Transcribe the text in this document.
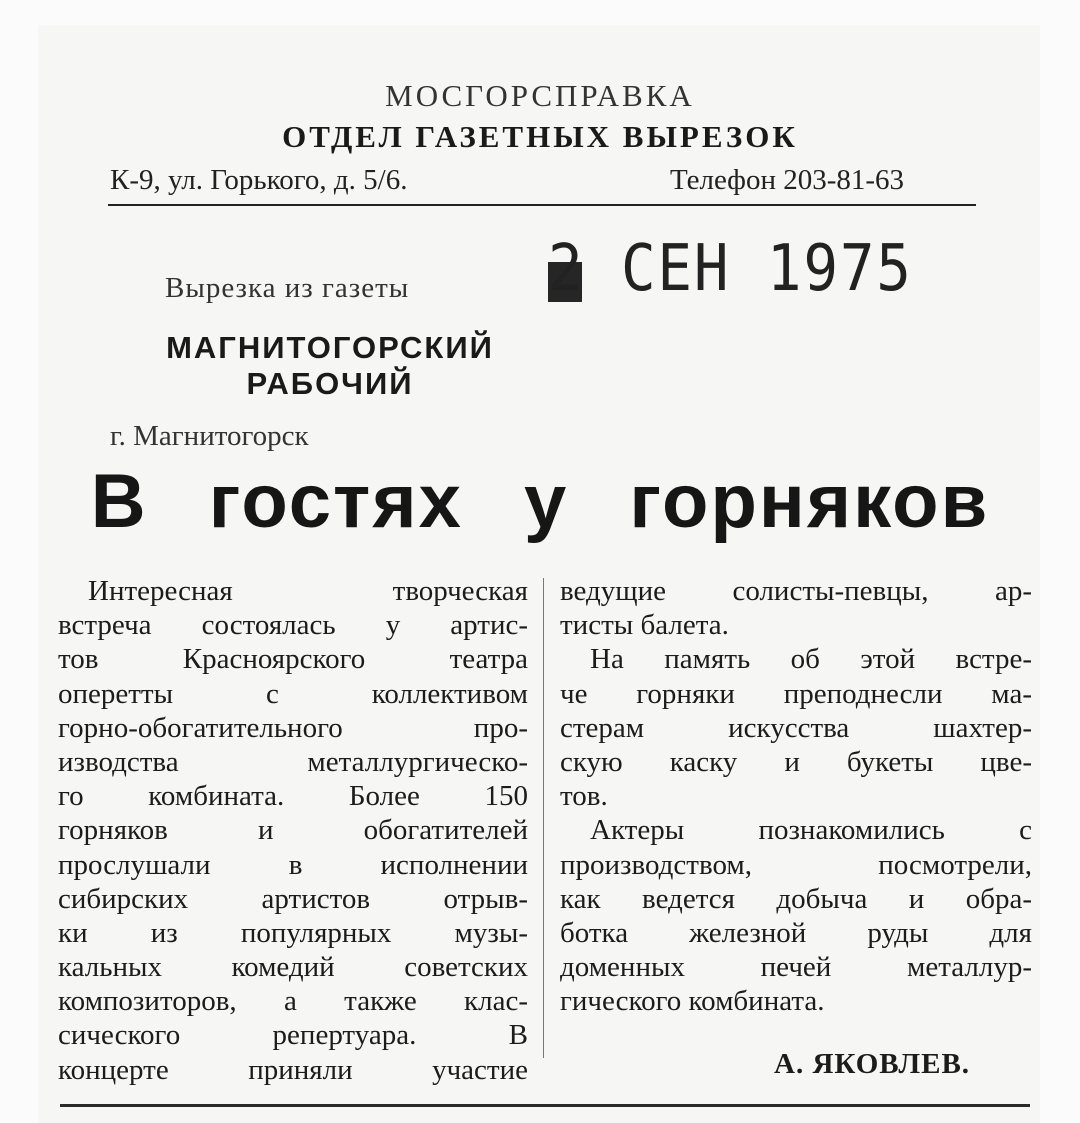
МОСГОРСПРАВКА
ОТДЕЛ ГАЗЕТНЫХ ВЫРЕЗОК
К-9, ул. Горького, д. 5/6.	Телефон 203-81-63
Вырезка из газеты 2 СЕН 1975
МАГНИТОГОРСКИЙ
РАБОЧИЙ
г. Магнитогорск
В гостях у горняков
Интересная творческая
встреча состоялась у артис-
тов Красноярского театра
оперетты с коллективом
горно-обогатительного про-
изводства металлургическо-
го комбината. Более 150
горняков и обогатителей
прослушали в исполнении
сибирских артистов отрыв-
ки из популярных музы-
кальных комедий советских
композиторов, а также клас-
сического репертуара. В
концерте приняли участие
ведущие солисты-певцы, ар-
тисты балета.
На память об этой встре-
че горняки преподнесли ма-
стерам искусства шахтер-
скую каску и букеты цве-
тов.
Актеры познакомились с
производством, посмотрели,
как ведется добыча и обра-
ботка железной руды для
доменных печей металлур-
гического комбината.
А. ЯКОВЛЕВ.
